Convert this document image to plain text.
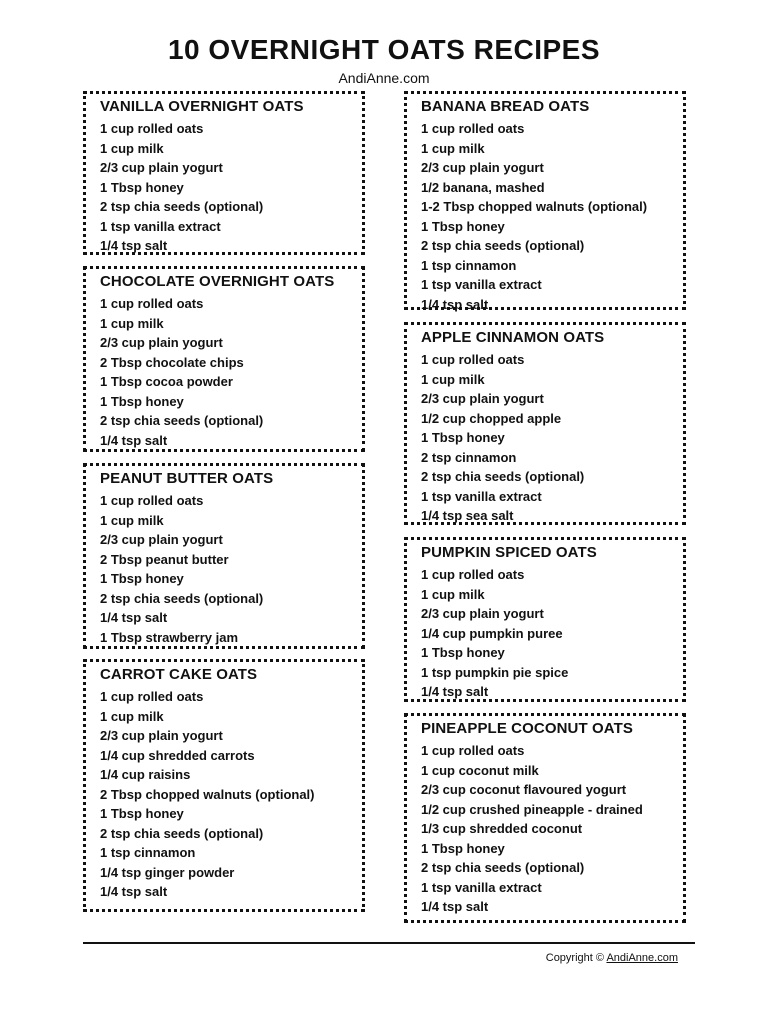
10 OVERNIGHT OATS RECIPES
AndiAnne.com
VANILLA OVERNIGHT OATS
1 cup rolled oats
1 cup milk
2/3 cup plain yogurt
1 Tbsp honey
2 tsp chia seeds (optional)
1 tsp vanilla extract
1/4 tsp salt
CHOCOLATE OVERNIGHT OATS
1 cup rolled oats
1 cup milk
2/3 cup plain yogurt
2 Tbsp chocolate chips
1 Tbsp cocoa powder
1 Tbsp honey
2 tsp chia seeds (optional)
1/4 tsp salt
PEANUT BUTTER OATS
1 cup rolled oats
1 cup milk
2/3 cup plain yogurt
2 Tbsp peanut butter
1 Tbsp honey
2 tsp chia seeds (optional)
1/4 tsp salt
1 Tbsp strawberry jam
CARROT CAKE OATS
1 cup rolled oats
1 cup milk
2/3 cup plain yogurt
1/4 cup shredded carrots
1/4 cup raisins
2 Tbsp chopped walnuts (optional)
1 Tbsp honey
2 tsp chia seeds (optional)
1 tsp cinnamon
1/4 tsp ginger powder
1/4 tsp salt
BANANA BREAD OATS
1 cup rolled oats
1 cup milk
2/3 cup plain yogurt
1/2 banana, mashed
1-2 Tbsp chopped walnuts (optional)
1 Tbsp honey
2 tsp chia seeds (optional)
1 tsp cinnamon
1 tsp vanilla extract
1/4 tsp salt
APPLE CINNAMON OATS
1 cup rolled oats
1 cup milk
2/3 cup plain yogurt
1/2 cup chopped apple
1 Tbsp honey
2 tsp cinnamon
2 tsp chia seeds (optional)
1 tsp vanilla extract
1/4 tsp sea salt
PUMPKIN SPICED OATS
1 cup rolled oats
1 cup milk
2/3 cup plain yogurt
1/4 cup pumpkin puree
1 Tbsp honey
1 tsp pumpkin pie spice
1/4 tsp salt
PINEAPPLE COCONUT OATS
1 cup rolled oats
1 cup coconut milk
2/3 cup coconut flavoured yogurt
1/2 cup crushed pineapple - drained
1/3 cup shredded coconut
1 Tbsp honey
2 tsp chia seeds (optional)
1 tsp vanilla extract
1/4 tsp salt
Copyright © AndiAnne.com
